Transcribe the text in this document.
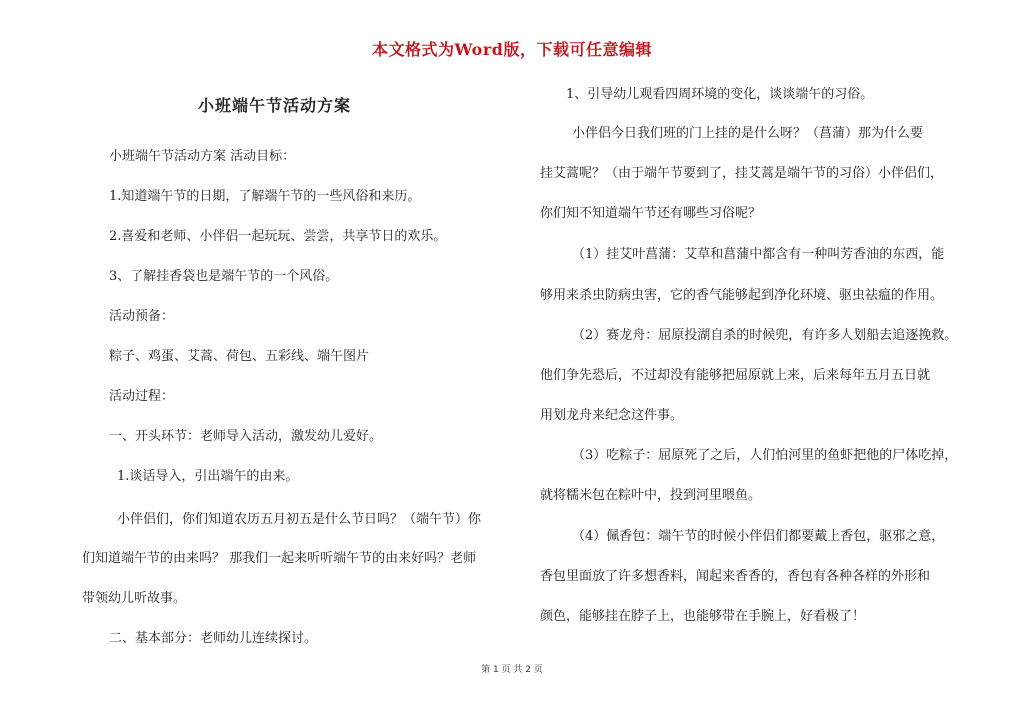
本文格式为Word版，下载可任意编辑
小班端午节活动方案
小班端午节活动方案 活动目标：
1.知道端午节的日期，了解端午节的一些风俗和来历。
2.喜爱和老师、小伴侣一起玩玩、尝尝，共享节日的欢乐。
3、了解挂香袋也是端午节的一个风俗。
活动预备：
粽子、鸡蛋、艾蒿、荷包、五彩线、端午图片
活动过程：
一、开头环节：老师导入活动，激发幼儿爱好。
1.谈话导入，引出端午的由来。
小伴侣们，你们知道农历五月初五是什么节日吗？（端午节）你
们知道端午节的由来吗？ 那我们一起来听听端午节的由来好吗？老师
带领幼儿听故事。
二、基本部分：老师幼儿连续探讨。
1、引导幼儿观看四周环境的变化，谈谈端午的习俗。
小伴侣今日我们班的门上挂的是什么呀？（菖蒲）那为什么要
挂艾蒿呢？（由于端午节要到了，挂艾蒿是端午节的习俗）小伴侣们，
你们知不知道端午节还有哪些习俗呢？
（1）挂艾叶菖蒲：艾草和菖蒲中都含有一种叫芳香油的东西，能
够用来杀虫防病虫害，它的香气能够起到净化环境、驱虫祛瘟的作用。
（2）赛龙舟：屈原投湖自杀的时候兜，有许多人划船去追逐挽救。
他们争先恐后，不过却没有能够把屈原就上来，后来每年五月五日就
用划龙舟来纪念这件事。
（3）吃粽子：屈原死了之后，人们怕河里的鱼虾把他的尸体吃掉，
就将糯米包在粽叶中，投到河里喂鱼。
（4）佩香包：端午节的时候小伴侣们都要戴上香包，驱邪之意，
香包里面放了许多想香料，闻起来香香的，香包有各种各样的外形和
颜色，能够挂在脖子上，也能够带在手腕上，好看极了！
第 1 页 共 2 页
